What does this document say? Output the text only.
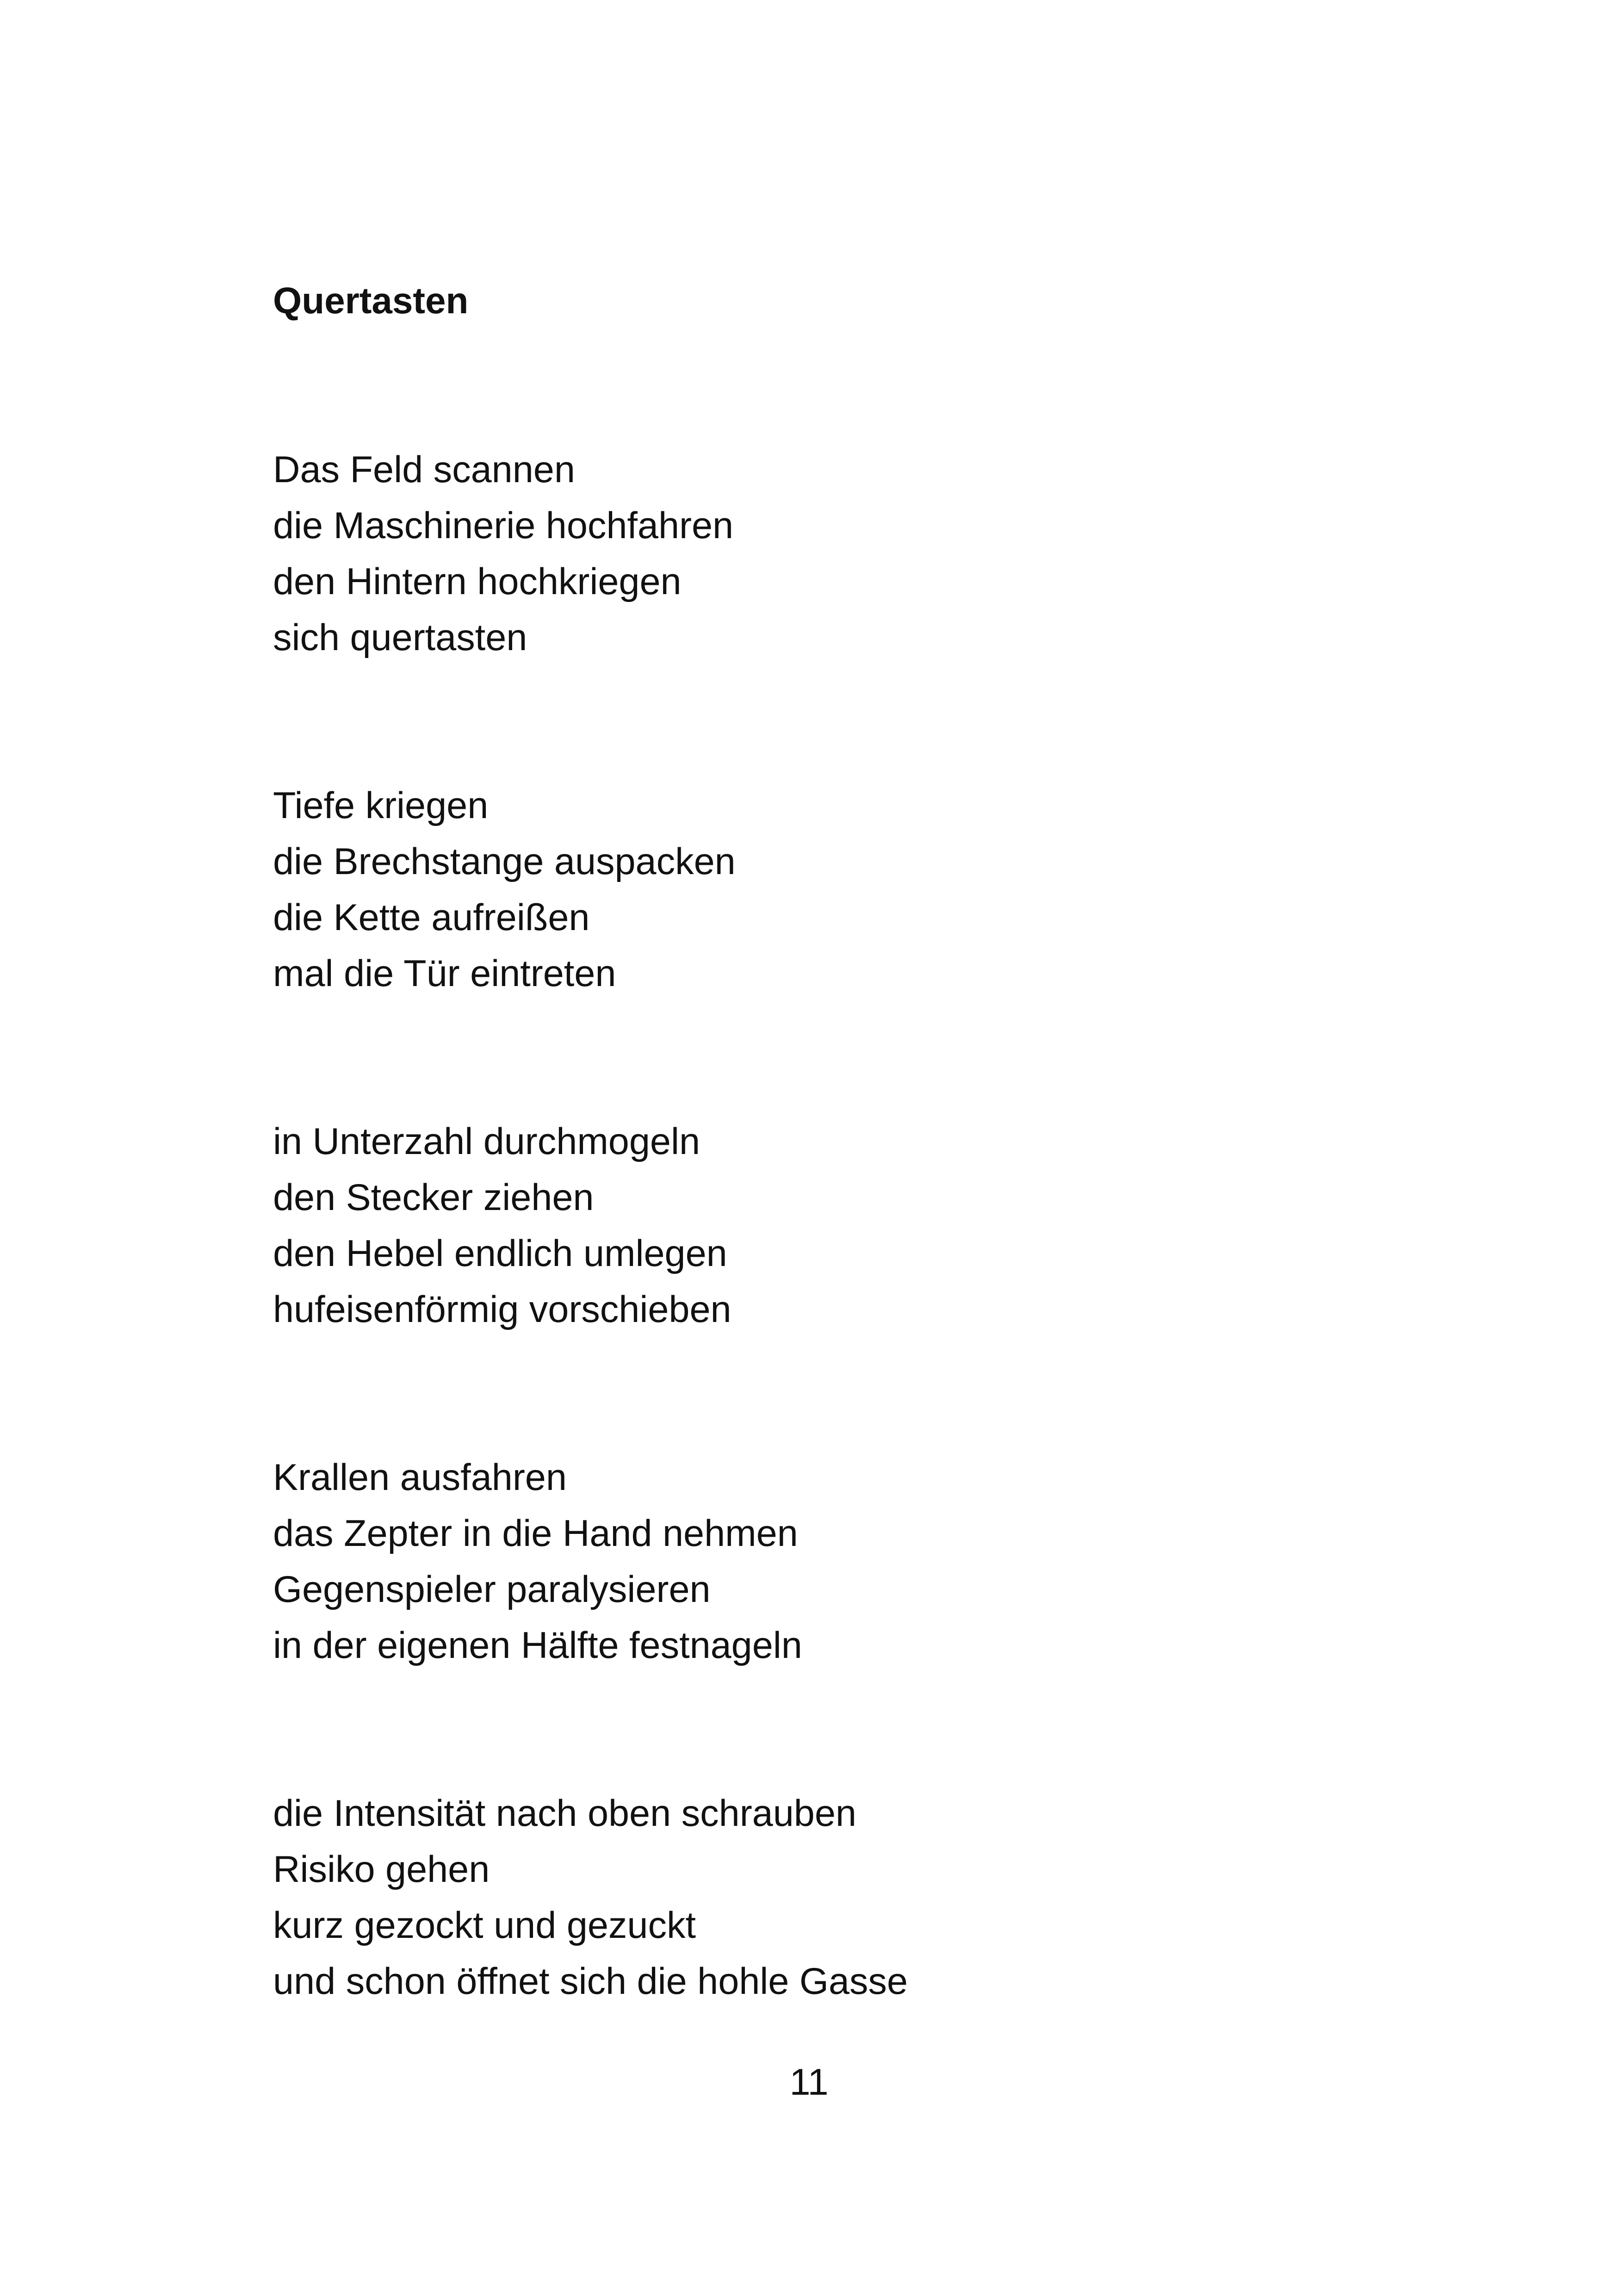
Quertasten
Das Feld scannen
die Maschinerie hochfahren
den Hintern hochkriegen
sich quertasten
Tiefe kriegen
die Brechstange auspacken
die Kette aufreißen
mal die Tür eintreten
in Unterzahl durchmogeln
den Stecker ziehen
den Hebel endlich umlegen
hufeisenförmig vorschieben
Krallen ausfahren
das Zepter in die Hand nehmen
Gegenspieler paralysieren
in der eigenen Hälfte festnageln
die Intensität nach oben schrauben
Risiko gehen
kurz gezockt und gezuckt
und schon öffnet sich die hohle Gasse
11
